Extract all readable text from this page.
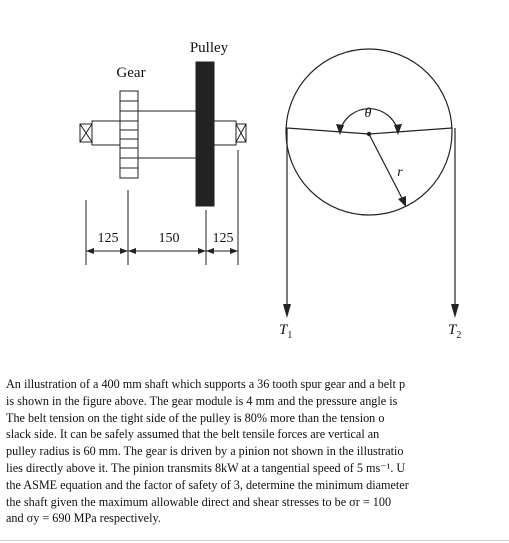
Gear
Pulley
125	150 125
θ
r
$T_1$	$T_2$
An illustration of a 400 mm shaft which supports a 36 tooth spur gear and a belt p
is shown in the figure above. The gear module is 4 mm and the pressure angle is
The belt tension on the tight side of the pulley is 80% more than the tension o
slack side. It can be safely assumed that the belt tensile forces are vertical an
pulley radius is 60 mm. The gear is driven by a pinion not shown in the illustratio
lies directly above it. The pinion transmits 8kW at a tangential speed of 5 ms⁻¹. U
the ASME equation and the factor of safety of 3, determine the minimum diameter
the shaft given the maximum allowable direct and shear stresses to be σr = 100
and σy = 690 MPa respectively.
